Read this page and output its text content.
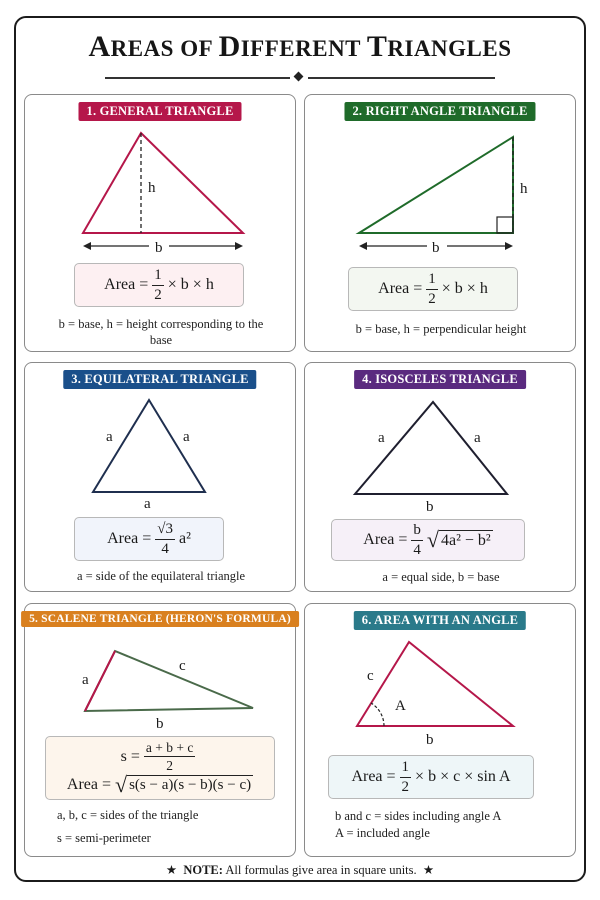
AREAS OF DIFFERENT TRIANGLES
1. GENERAL TRIANGLE
h
b
Area = $\frac{1}{2} \times b \times h$
b = base, h = height corresponding to the base
2. RIGHT ANGLE TRIANGLE
h
b
Area = $\frac{1}{2} \times b \times h$
b = base, h = perpendicular height
3. EQUILATERAL TRIANGLE
a	a
a
Area = $\frac{√3}{4} a^2$
a = side of the equilateral triangle
4. ISOSCELES TRIANGLE
a	a
b
Area = $\frac{b}{4}$ √ 4a² − b²
a = equal side, b = base
5. SCALENE TRIANGLE (HERON'S FORMULA)
a
c
b
$s = \frac{a + b + c}{2}$
Area = √ s(s − a)(s − b)(s − c)
a, b, c = sides of the triangle
s = semi-perimeter
6. AREA WITH AN ANGLE
c
A
b
Area = $\frac{1}{2} \times b \times c \times \sin A$
b and c = sides including angle A
A = included angle
★ NOTE: All formulas give area in square units. ★
